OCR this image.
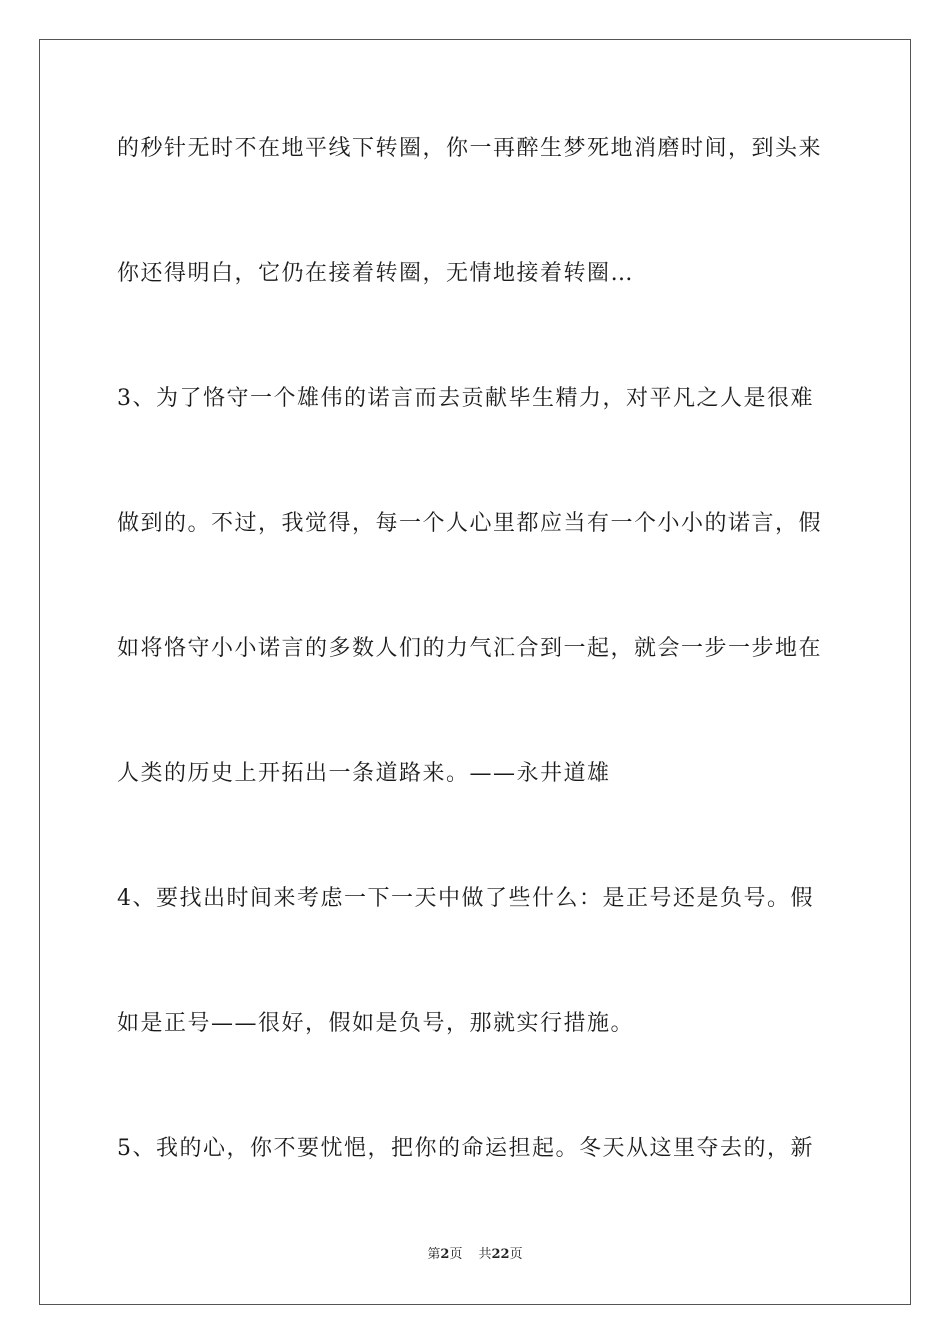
的秒针无时不在地平线下转圈，你一再醉生梦死地消磨时间，到头来
你还得明白，它仍在接着转圈，无情地接着转圈…
3、为了恪守一个雄伟的诺言而去贡献毕生精力，对平凡之人是很难
做到的。不过，我觉得，每一个人心里都应当有一个小小的诺言，假
如将恪守小小诺言的多数人们的力气汇合到一起，就会一步一步地在
人类的历史上开拓出一条道路来。——永井道雄
4、要找出时间来考虑一下一天中做了些什么：是正号还是负号。假
如是正号——很好，假如是负号，那就实行措施。
5、我的心，你不要忧悒，把你的命运担起。冬天从这里夺去的，新
第2页 共22页
